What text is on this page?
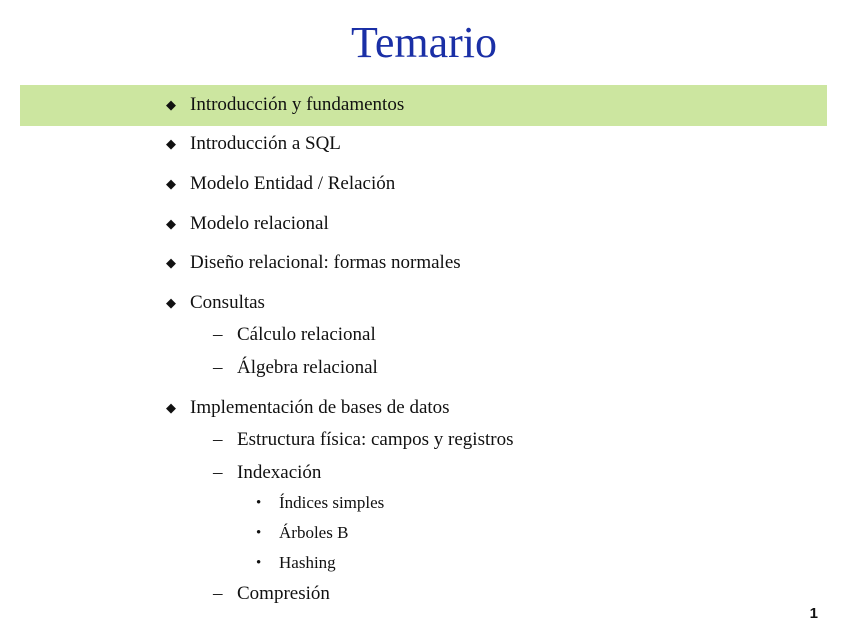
Temario
◆ Introducción y fundamentos
◆ Introducción a SQL
◆ Modelo Entidad / Relación
◆ Modelo relacional
◆ Diseño relacional: formas normales
◆ Consultas
– Cálculo relacional
– Álgebra relacional
◆ Implementación de bases de datos
– Estructura física: campos y registros
– Indexación
• Índices simples
• Árboles B
• Hashing
– Compresión
1
